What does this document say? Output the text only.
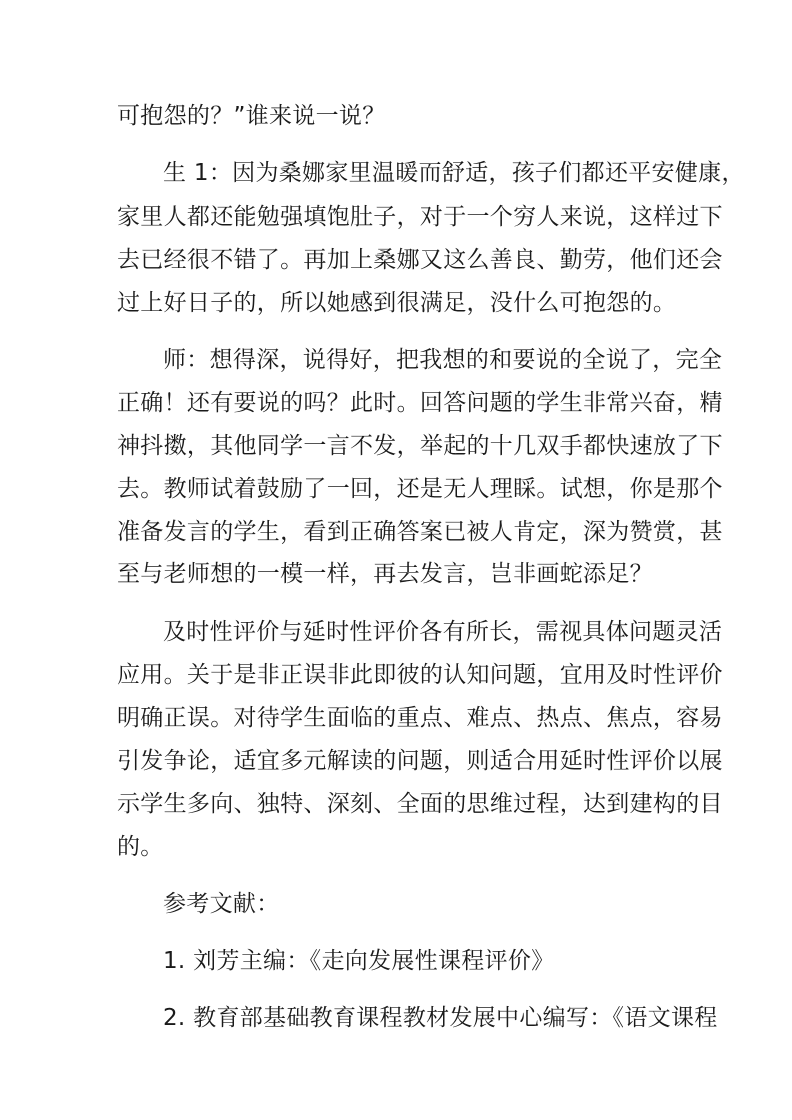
可抱怨的？”谁来说一说？
生 1：因为桑娜家里温暖而舒适，孩子们都还平安健康，
家里人都还能勉强填饱肚子，对于一个穷人来说，这样过下
去已经很不错了。再加上桑娜又这么善良、勤劳，他们还会
过上好日子的，所以她感到很满足，没什么可抱怨的。
师：想得深，说得好，把我想的和要说的全说了，完全
正确！还有要说的吗？此时。回答问题的学生非常兴奋，精
神抖擞，其他同学一言不发，举起的十几双手都快速放了下
去。教师试着鼓励了一回，还是无人理睬。试想，你是那个
准备发言的学生，看到正确答案已被人肯定，深为赞赏，甚
至与老师想的一模一样，再去发言，岂非画蛇添足？
及时性评价与延时性评价各有所长，需视具体问题灵活
应用。关于是非正误非此即彼的认知问题，宜用及时性评价
明确正误。对待学生面临的重点、难点、热点、焦点，容易
引发争论，适宜多元解读的问题，则适合用延时性评价以展
示学生多向、独特、深刻、全面的思维过程，达到建构的目
的。
参考文献：
1. 刘芳主编：《走向发展性课程评价》
2. 教育部基础教育课程教材发展中心编写：《语文课程
